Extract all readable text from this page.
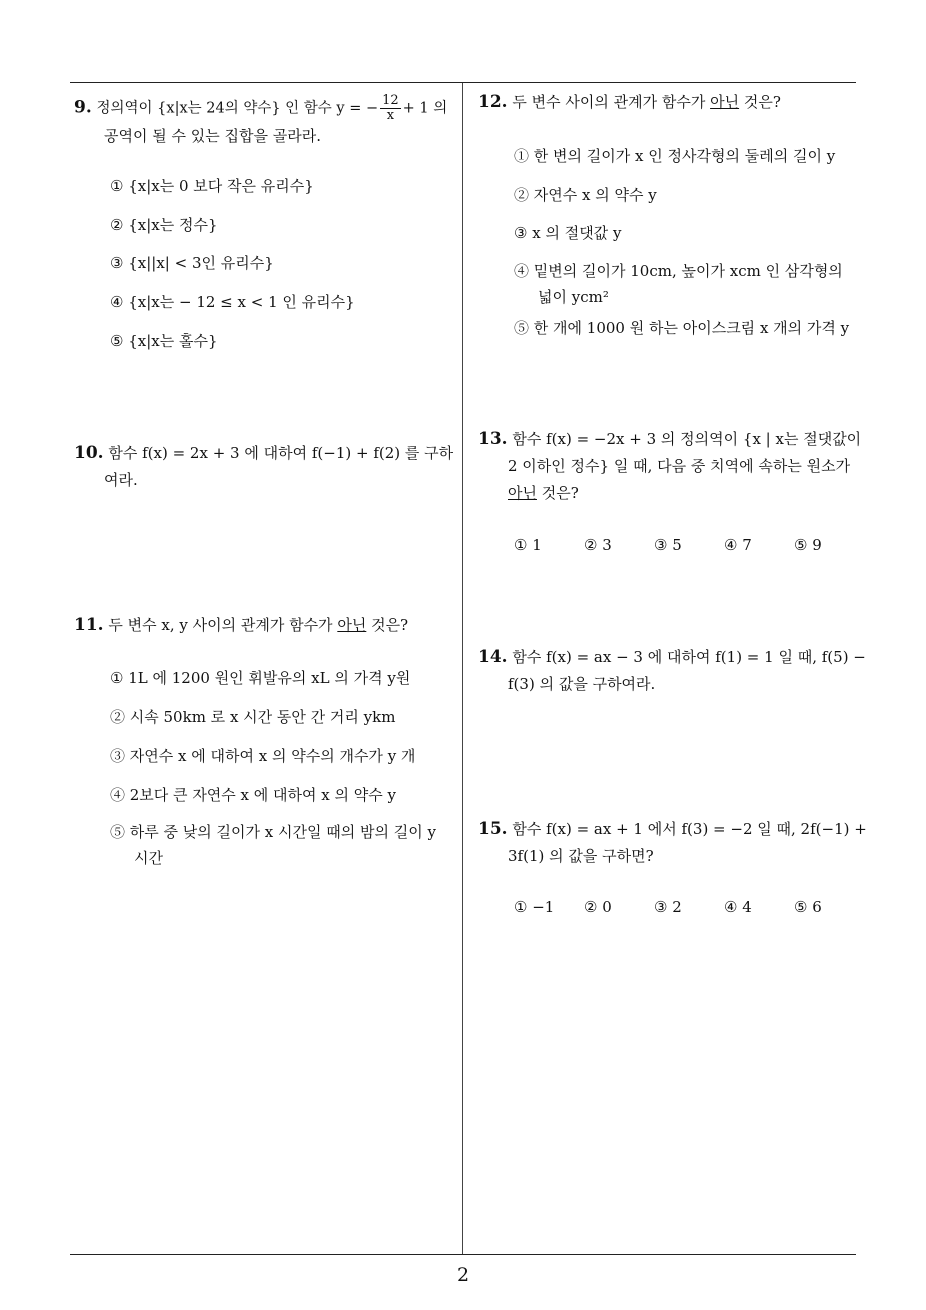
9. 정의역이 {x|x는 24의 약수} 인 함수 y = − $\frac{12}{x} + 1$ 의
공역이 될 수 있는 집합을 골라라.
① {x|x는 0 보다 작은 유리수}
② {x|x는 정수}
③ {x||x| < 3인 유리수}
④ {x|x는 − 12 ≤ x < 1 인 유리수}
⑤ {x|x는 홀수}
10. 함수 f(x) = 2x + 3 에 대하여 f(−1) + f(2) 를 구하
여라.
11. 두 변수 x, y 사이의 관계가 함수가 아닌 것은?
① 1L 에 1200 원인 휘발유의 xL 의 가격 y원
② 시속 50km 로 x 시간 동안 간 거리 ykm
③ 자연수 x 에 대하여 x 의 약수의 개수가 y 개
④ 2보다 큰 자연수 x 에 대하여 x 의 약수 y
⑤ 하루 중 낮의 길이가 x 시간일 때의 밤의 길이 y
시간
12. 두 변수 사이의 관계가 함수가 아닌 것은?
① 한 변의 길이가 x 인 정사각형의 둘레의 길이 y
② 자연수 x 의 약수 y
③ x 의 절댓값 y
④ 밑변의 길이가 10cm, 높이가 xcm 인 삼각형의
넓이 ycm²
⑤ 한 개에 1000 원 하는 아이스크림 x 개의 가격 y
13. 함수 f(x) = −2x + 3 의 정의역이 {x | x는 절댓값이
2 이하인 정수} 일 때, 다음 중 치역에 속하는 원소가
아닌 것은?
① 1	② 3	③ 5	④ 7	⑤ 9
14. 함수 f(x) = ax − 3 에 대하여 f(1) = 1 일 때, f(5) −
f(3) 의 값을 구하여라.
15. 함수 f(x) = ax + 1 에서 f(3) = −2 일 때, 2f(−1) +
3f(1) 의 값을 구하면?
① −1 ② 0	③ 2	④ 4	⑤ 6
2
